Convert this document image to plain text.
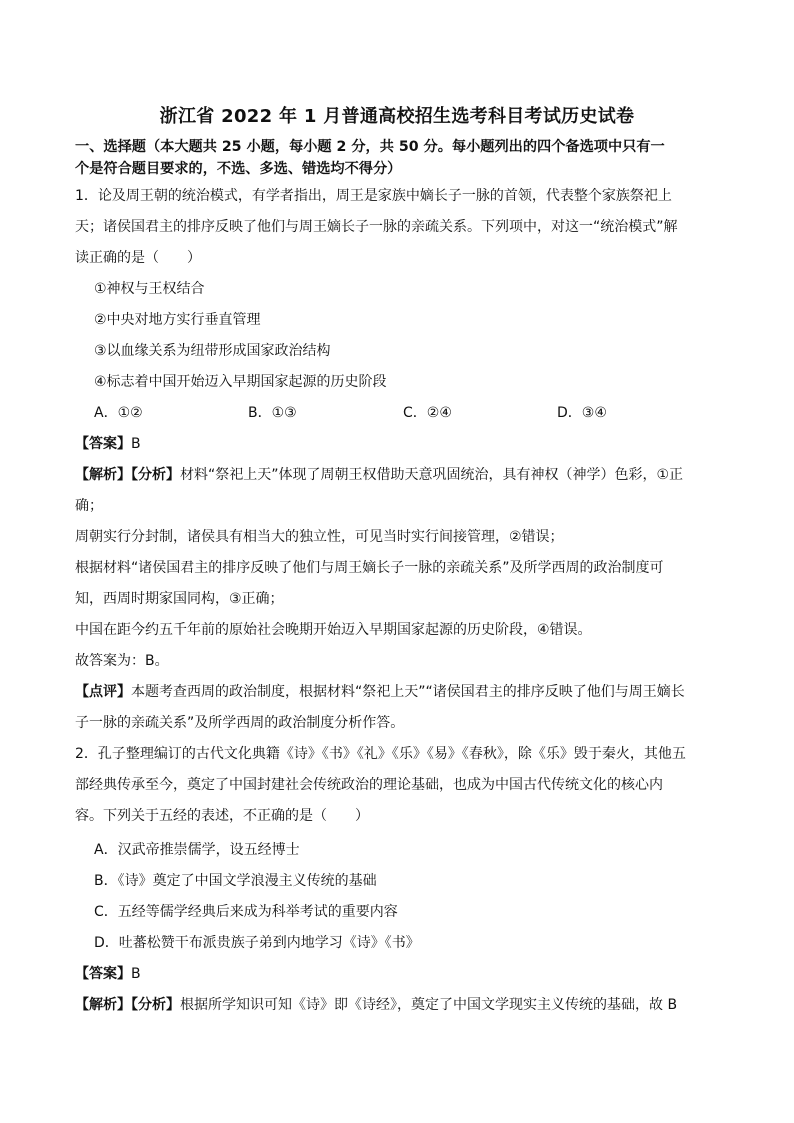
浙江省 2022 年 1 月普通高校招生选考科目考试历史试卷
一、选择题（本大题共 25 小题，每小题 2 分，共 50 分。每小题列出的四个备选项中只有一
个是符合题目要求的，不选、多选、错选均不得分）
1．论及周王朝的统治模式，有学者指出，周王是家族中嫡长子一脉的首领，代表整个家族祭祀上
天；诸侯国君主的排序反映了他们与周王嫡长子一脉的亲疏关系。下列项中，对这一“统治模式”解
读正确的是（　　）
①神权与王权结合
②中央对地方实行垂直管理
③以血缘关系为纽带形成国家政治结构
④标志着中国开始迈入早期国家起源的历史阶段
A．①②	B．①③	C．②④	D．③④
【答案】B
【解析】【分析】材料“祭祀上天”体现了周朝王权借助天意巩固统治，具有神权（神学）色彩，①正
确；
周朝实行分封制，诸侯具有相当大的独立性，可见当时实行间接管理，②错误；
根据材料“诸侯国君主的排序反映了他们与周王嫡长子一脉的亲疏关系”及所学西周的政治制度可
知，西周时期家国同构，③正确；
中国在距今约五千年前的原始社会晚期开始迈入早期国家起源的历史阶段，④错误。
故答案为：B。
【点评】本题考查西周的政治制度，根据材料“祭祀上天”“诸侯国君主的排序反映了他们与周王嫡长
子一脉的亲疏关系”及所学西周的政治制度分析作答。
2．孔子整理编订的古代文化典籍《诗》《书》《礼》《乐》《易》《春秋》，除《乐》毁于秦火，其他五
部经典传承至今，奠定了中国封建社会传统政治的理论基础，也成为中国古代传统文化的核心内
容。下列关于五经的表述，不正确的是（　　）
A．汉武帝推崇儒学，设五经博士
B．《诗》奠定了中国文学浪漫主义传统的基础
C．五经等儒学经典后来成为科举考试的重要内容
D．吐蕃松赞干布派贵族子弟到内地学习《诗》《书》
【答案】B
【解析】【分析】根据所学知识可知《诗》即《诗经》，奠定了中国文学现实主义传统的基础，故 B
